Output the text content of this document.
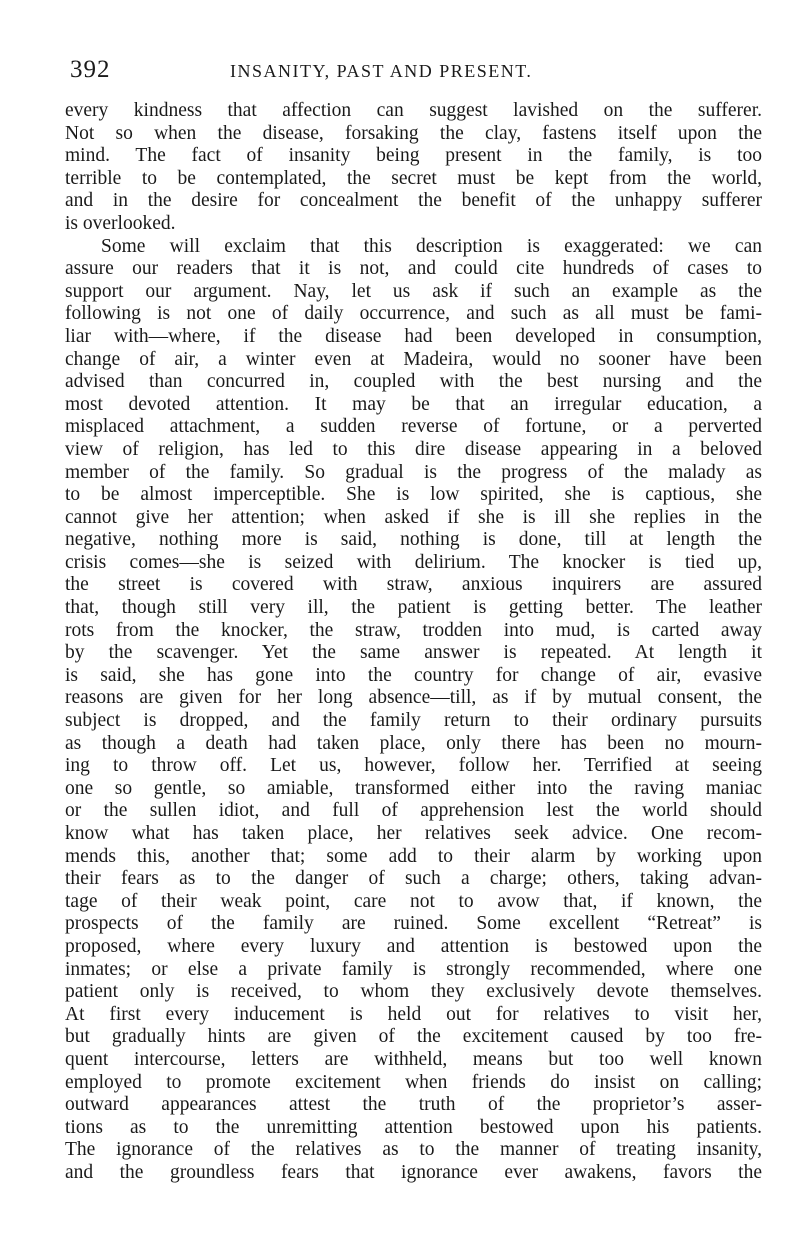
392	INSANITY, PAST AND PRESENT.
every kindness that affection can suggest lavished on the sufferer.
Not so when the disease, forsaking the clay, fastens itself upon the
mind. The fact of insanity being present in the family, is too
terrible to be contemplated, the secret must be kept from the world,
and in the desire for concealment the benefit of the unhappy sufferer
is overlooked.
Some will exclaim that this description is exaggerated: we can
assure our readers that it is not, and could cite hundreds of cases to
support our argument. Nay, let us ask if such an example as the
following is not one of daily occurrence, and such as all must be fami-
liar with—where, if the disease had been developed in consumption,
change of air, a winter even at Madeira, would no sooner have been
advised than concurred in, coupled with the best nursing and the
most devoted attention. It may be that an irregular education, a
misplaced attachment, a sudden reverse of fortune, or a perverted
view of religion, has led to this dire disease appearing in a beloved
member of the family. So gradual is the progress of the malady as
to be almost imperceptible. She is low spirited, she is captious, she
cannot give her attention; when asked if she is ill she replies in the
negative, nothing more is said, nothing is done, till at length the
crisis comes—she is seized with delirium. The knocker is tied up,
the street is covered with straw, anxious inquirers are assured
that, though still very ill, the patient is getting better. The leather
rots from the knocker, the straw, trodden into mud, is carted away
by the scavenger. Yet the same answer is repeated. At length it
is said, she has gone into the country for change of air, evasive
reasons are given for her long absence—till, as if by mutual consent, the
subject is dropped, and the family return to their ordinary pursuits
as though a death had taken place, only there has been no mourn-
ing to throw off. Let us, however, follow her. Terrified at seeing
one so gentle, so amiable, transformed either into the raving maniac
or the sullen idiot, and full of apprehension lest the world should
know what has taken place, her relatives seek advice. One recom-
mends this, another that; some add to their alarm by working upon
their fears as to the danger of such a charge; others, taking advan-
tage of their weak point, care not to avow that, if known, the
prospects of the family are ruined. Some excellent “Retreat” is
proposed, where every luxury and attention is bestowed upon the
inmates; or else a private family is strongly recommended, where one
patient only is received, to whom they exclusively devote themselves.
At first every inducement is held out for relatives to visit her,
but gradually hints are given of the excitement caused by too fre-
quent intercourse, letters are withheld, means but too well known
employed to promote excitement when friends do insist on calling;
outward appearances attest the truth of the proprietor’s asser-
tions as to the unremitting attention bestowed upon his patients.
The ignorance of the relatives as to the manner of treating insanity,
and the groundless fears that ignorance ever awakens, favors the
